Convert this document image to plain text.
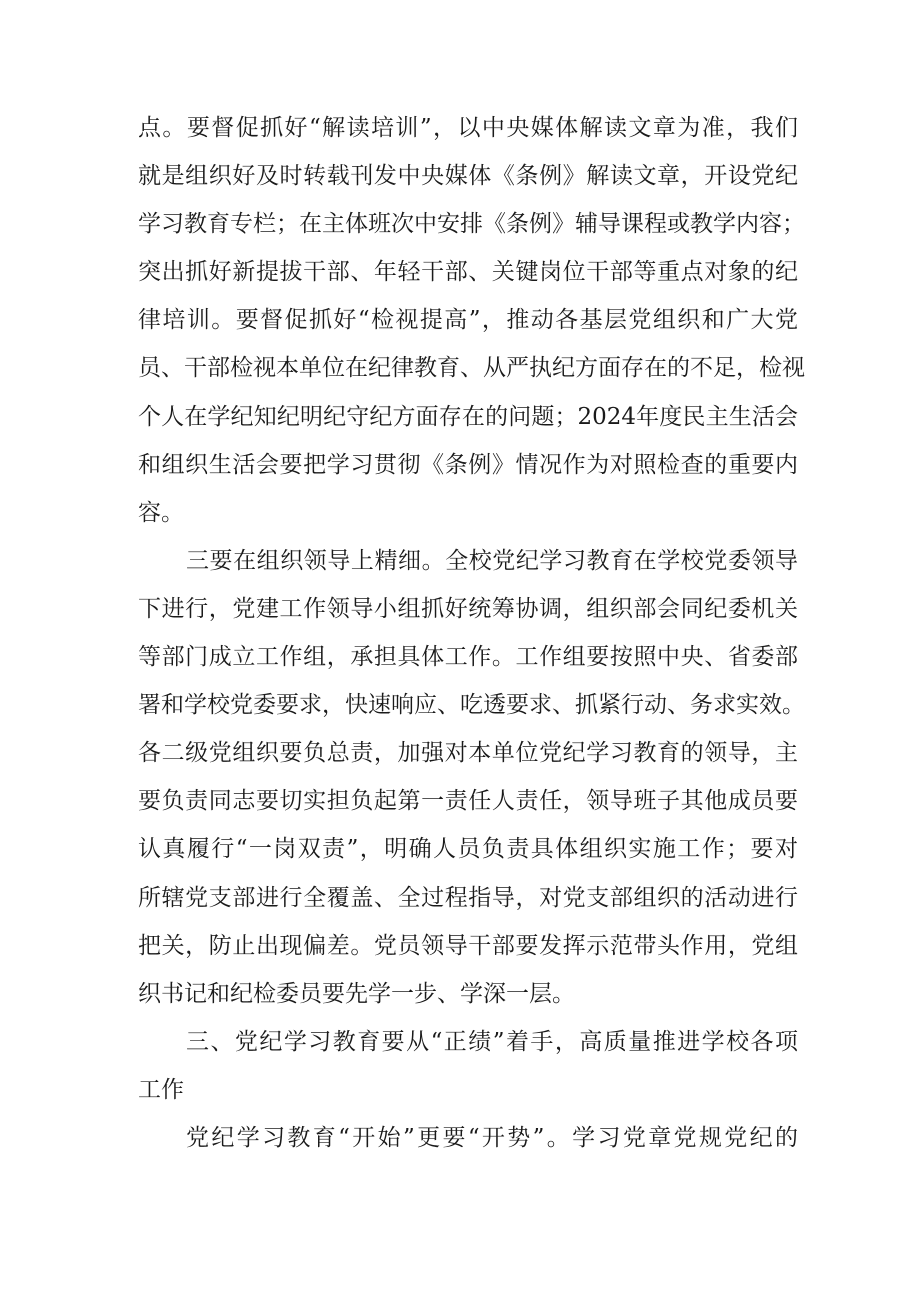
点。要督促抓好“解读培训”，以中央媒体解读文章为准，我们
就是组织好及时转载刊发中央媒体《条例》解读文章，开设党纪
学习教育专栏；在主体班次中安排《条例》辅导课程或教学内容；
突出抓好新提拔干部、年轻干部、关键岗位干部等重点对象的纪
律培训。要督促抓好“检视提高”，推动各基层党组织和广大党
员、干部检视本单位在纪律教育、从严执纪方面存在的不足，检视
个人在学纪知纪明纪守纪方面存在的问题；2024年度民主生活会
和组织生活会要把学习贯彻《条例》情况作为对照检查的重要内
容。
三要在组织领导上精细。全校党纪学习教育在学校党委领导
下进行，党建工作领导小组抓好统筹协调，组织部会同纪委机关
等部门成立工作组，承担具体工作。工作组要按照中央、省委部
署和学校党委要求，快速响应、吃透要求、抓紧行动、务求实效。
各二级党组织要负总责，加强对本单位党纪学习教育的领导，主
要负责同志要切实担负起第一责任人责任，领导班子其他成员要
认真履行“一岗双责”，明确人员负责具体组织实施工作；要对
所辖党支部进行全覆盖、全过程指导，对党支部组织的活动进行
把关，防止出现偏差。党员领导干部要发挥示范带头作用，党组
织书记和纪检委员要先学一步、学深一层。
三、党纪学习教育要从“正绩”着手，高质量推进学校各项
工作
党纪学习教育“开始”更要“开势”。学习党章党规党纪的
